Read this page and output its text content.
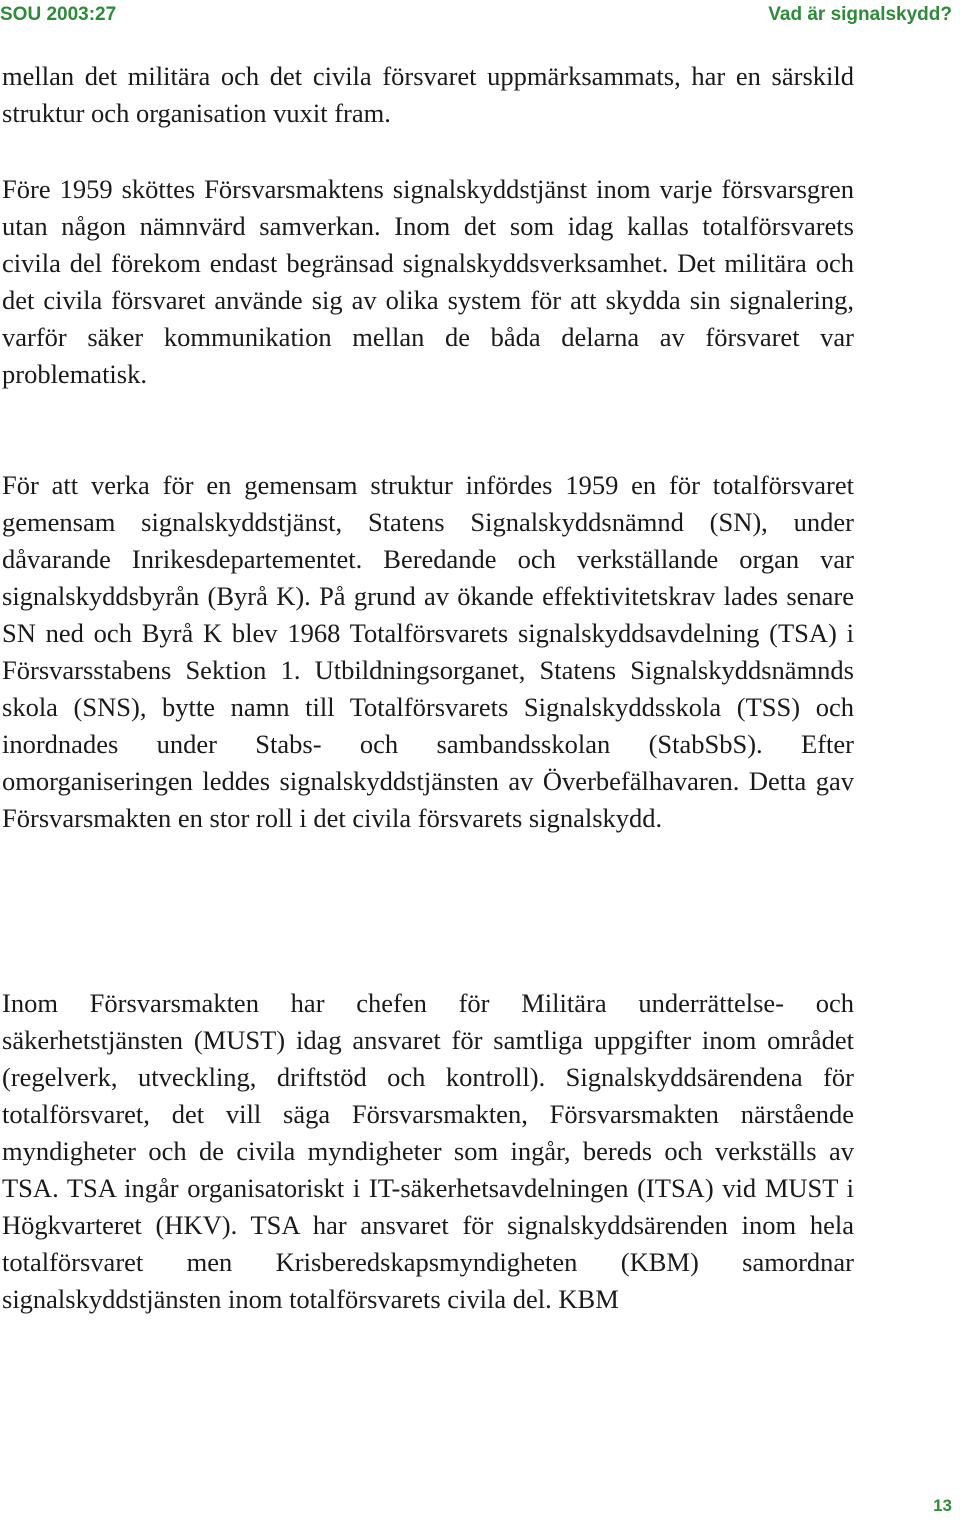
SOU 2003:27	Vad är signalskydd?

mellan det militära och det civila försvaret uppmärksammats, har en särskild struktur och organisation vuxit fram.

Före 1959 sköttes Försvarsmaktens signalskyddstjänst inom varje försvarsgren utan någon nämnvärd samverkan. Inom det som idag kallas totalförsvarets civila del förekom endast begränsad signalskyddsverksamhet. Det militära och det civila försvaret använde sig av olika system för att skydda sin signalering, varför säker kommunikation mellan de båda delarna av försvaret var problematisk.

För att verka för en gemensam struktur infördes 1959 en för totalförsvaret gemensam signalskyddstjänst, Statens Signalskyddsnämnd (SN), under dåvarande Inrikesdepartementet. Beredande och verkställande organ var signalskyddsbyrån (Byrå K). På grund av ökande effektivitetskrav lades senare SN ned och Byrå K blev 1968 Totalförsvarets signalskyddsavdelning (TSA) i Försvarsstabens Sektion 1. Utbildningsorganet, Statens Signalskyddsnämnds skola (SNS), bytte namn till Totalförsvarets Signalskyddsskola (TSS) och inordnades under Stabs- och sambandsskolan (StabSbS). Efter omorganiseringen leddes signalskyddstjänsten av Överbefälhavaren. Detta gav Försvarsmakten en stor roll i det civila försvarets signalskydd.

Inom Försvarsmakten har chefen för Militära underrättelse- och säkerhetstjänsten (MUST) idag ansvaret för samtliga uppgifter inom området (regelverk, utveckling, driftstöd och kontroll). Signalskyddsärendena för totalförsvaret, det vill säga Försvarsmakten, Försvarsmakten närstående myndigheter och de civila myndigheter som ingår, bereds och verkställs av TSA. TSA ingår organisatoriskt i IT-säkerhetsavdelningen (ITSA) vid MUST i Högkvarteret (HKV). TSA har ansvaret för signalskyddsärenden inom hela totalförsvaret men Krisberedskapsmyndigheten (KBM) samordnar signalskyddstjänsten inom totalförsvarets civila del. KBM

13
